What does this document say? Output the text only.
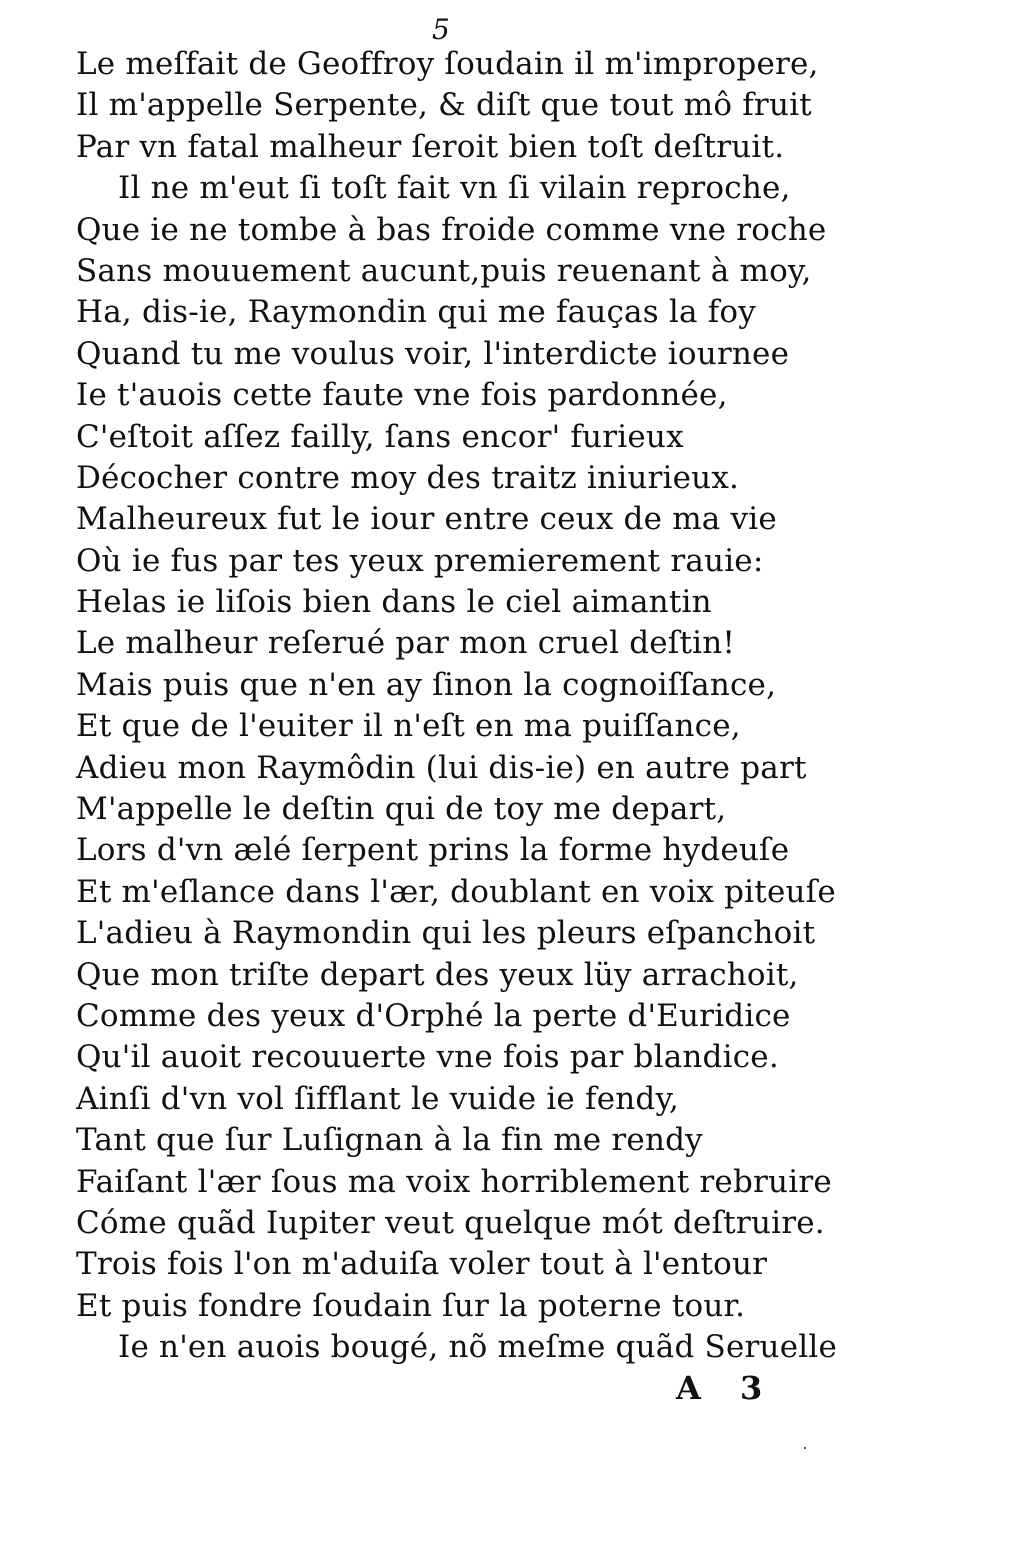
5
Le meſfait de Geoffroy ſoudain il m'impropere,
Il m'appelle Serpente, & diſt que tout mô fruit
Par vn fatal malheur ſeroit bien toſt deſtruit.
Il ne m'eut ſi toſt fait vn ſi vilain reproche,
Que ie ne tombe à bas froide comme vne roche
Sans mouuement aucunt,puis reuenant à moy,
Ha, dis-ie, Raymondin qui me fauças la foy
Quand tu me voulus voir, l'interdicte iournee
Ie t'auois cette faute vne fois pardonnée,
C'eſtoit aſſez failly, ſans encor' furieux
Décocher contre moy des traitz iniurieux.
Malheureux fut le iour entre ceux de ma vie
Où ie fus par tes yeux premierement rauie:
Helas ie liſois bien dans le ciel aimantin
Le malheur reſerué par mon cruel deſtin!
Mais puis que n'en ay ſinon la cognoiſſance,
Et que de l'euiter il n'eſt en ma puiſſance,
Adieu mon Raymôdin (lui dis-ie) en autre part
M'appelle le deſtin qui de toy me depart,
Lors d'vn ælé ſerpent prins la forme hydeuſe
Et m'eſlance dans l'ær, doublant en voix piteuſe
L'adieu à Raymondin qui les pleurs eſpanchoit
Que mon triſte depart des yeux lüy arrachoit,
Comme des yeux d'Orphé la perte d'Euridice
Qu'il auoit recouuerte vne fois par blandice.
Ainſi d'vn vol ſifflant le vuide ie fendy,
Tant que ſur Luſignan à la fin me rendy
Faiſant l'ær ſous ma voix horriblement rebruire
Cóme quãd Iupiter veut quelque mót deſtruire.
Trois fois l'on m'aduiſa voler tout à l'entour
Et puis fondre ſoudain ſur la poterne tour.
Ie n'en auois bougé, nõ meſme quãd Seruelle
A 3
